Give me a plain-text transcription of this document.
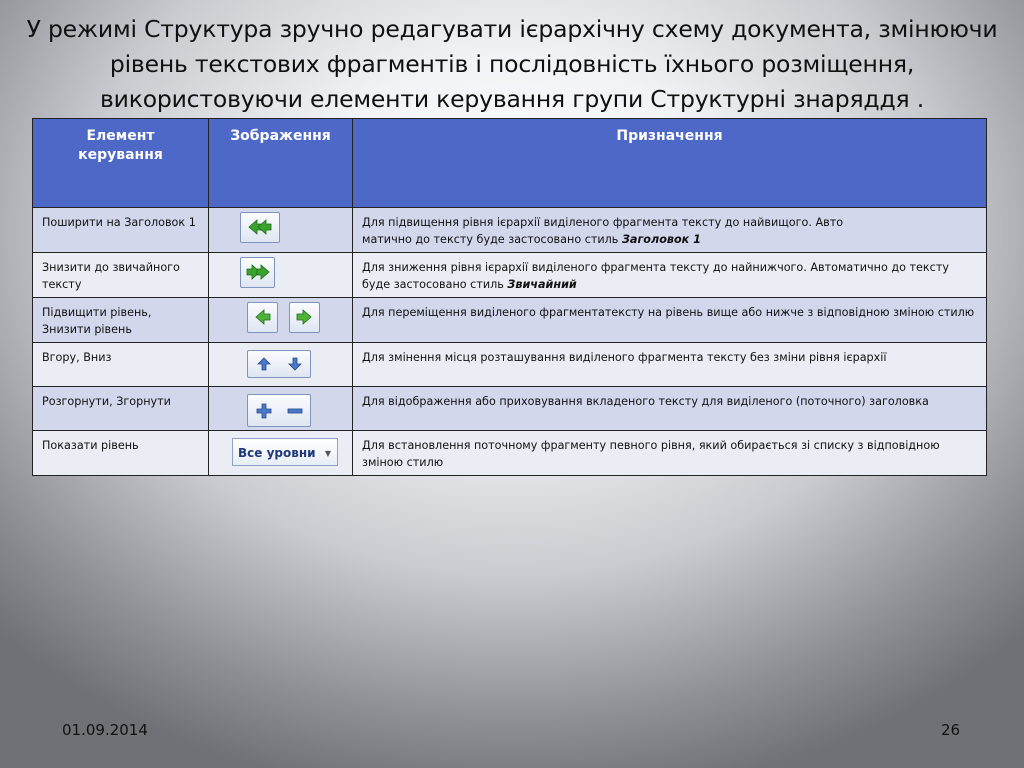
У режимі Структура зручно редагувати ієрархічну схему документа, змінюючи
рівень текстових фрагментів і послідовність їхнього розміщення,
використовуючи елементи керування групи Структурні знаряддя .
Елемент керування	Зображення	Призначення
Поширити на Заголовок 1		Для підвищення рівня ієрархії виділеного фрагмента тексту до найвищого. Авто
матично до тексту буде застосовано стиль Заголовок 1

Знизити до звичайного тексту		Для зниження рівня ієрархії виділеного фрагмента тексту до найнижчого. Автоматично до тексту
буде застосовано стиль Звичайний

Підвищити рівень, Знизити рівень		Для переміщення виділеного фрагментатексту на рівень вище або нижче з відповідною зміною стилю
Вгору, Вниз		Для змінення місця розташування виділеного фрагмента тексту без зміни рівня ієрархії
Розгорнути, Згорнути		Для відображення або приховування вкладеного тексту для виділеного (поточного) заголовка
Показати рівень	Все уровни ▼	Для встановлення поточному фрагменту певного рівня, який обирається зі списку з відповідною зміною стилю
01.09.2014	26
